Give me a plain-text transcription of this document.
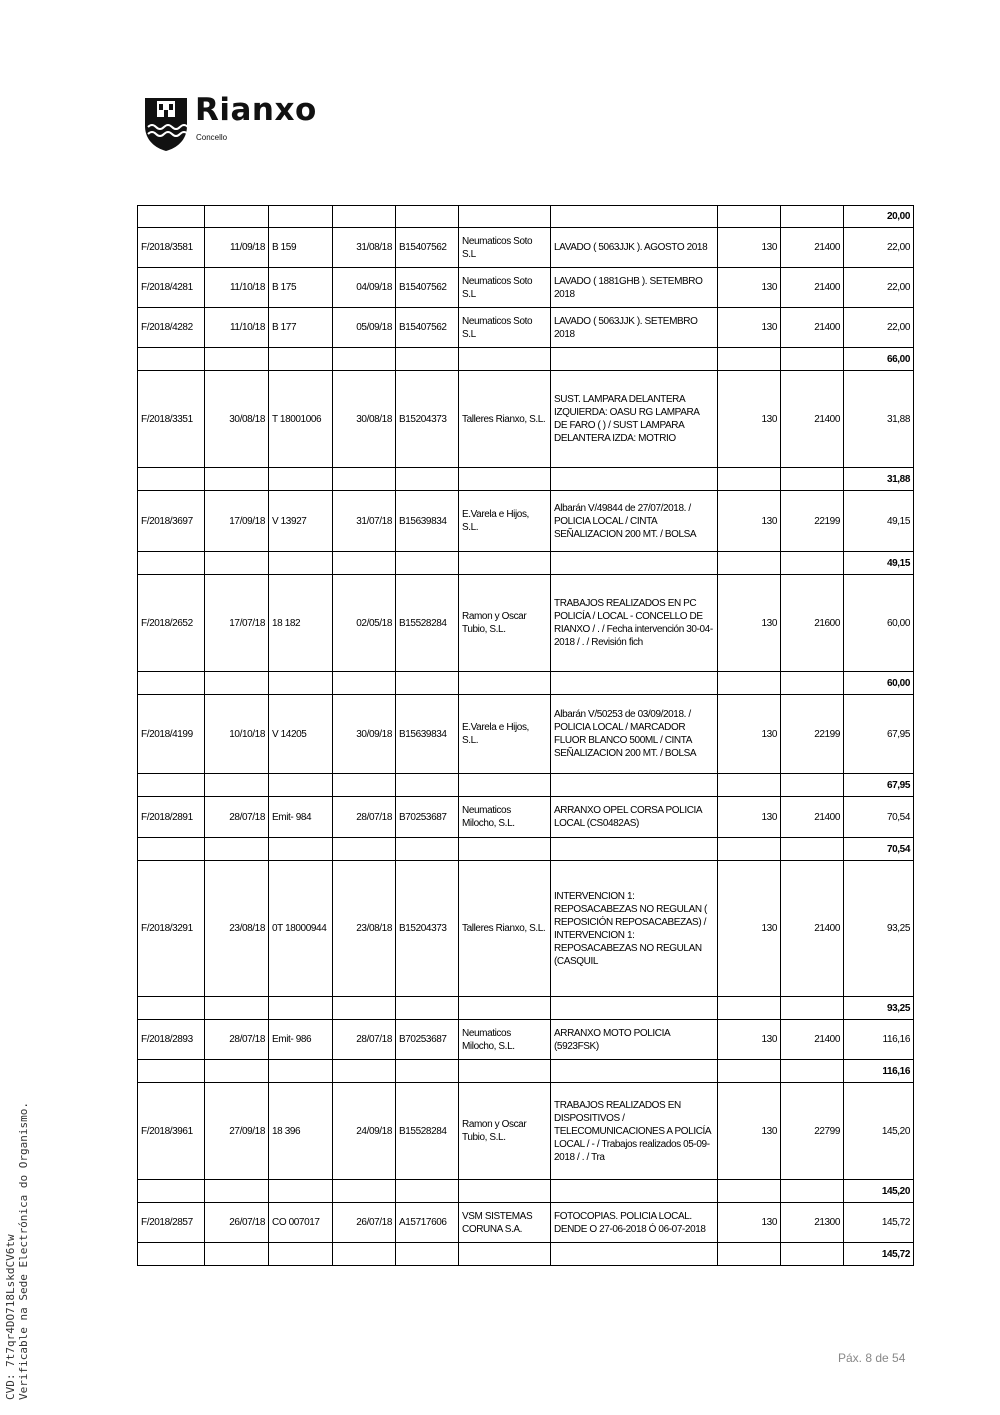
Rianxo
Concello
									20,00
F/2018/3581	11/09/18	B 159	31/08/18	B15407562	Neumaticos Soto S.L	LAVADO ( 5063JJK ). AGOSTO 2018	130	21400	22,00
F/2018/4281	11/10/18	B 175	04/09/18	B15407562	Neumaticos Soto S.L	LAVADO ( 1881GHB ). SETEMBRO 2018	130	21400	22,00
F/2018/4282	11/10/18	B 177	05/09/18	B15407562	Neumaticos Soto S.L	LAVADO ( 5063JJK ). SETEMBRO 2018	130	21400	22,00
									66,00
F/2018/3351	30/08/18	T 18001006	30/08/18	B15204373	Talleres Rianxo, S.L.	SUST. LAMPARA DELANTERA IZQUIERDA: OASU RG LAMPARA DE FARO ( ) / SUST LAMPARA DELANTERA IZDA: MOTRIO	130	21400	31,88
									31,88
F/2018/3697	17/09/18	V 13927	31/07/18	B15639834	E.Varela e Hijos, S.L.	Albarán V/49844 de 27/07/2018. / POLICIA LOCAL / CINTA SEÑALIZACION 200 MT. / BOLSA	130	22199	49,15
									49,15
F/2018/2652	17/07/18	18 182	02/05/18	B15528284	Ramon y Oscar Tubio, S.L.	TRABAJOS REALIZADOS EN PC POLICÍA / LOCAL - CONCELLO DE RIANXO / . / Fecha intervención 30-04-2018 / . / Revisión fich	130	21600	60,00
									60,00
F/2018/4199	10/10/18	V 14205	30/09/18	B15639834	E.Varela e Hijos, S.L.	Albarán V/50253 de 03/09/2018. / POLICIA LOCAL / MARCADOR FLUOR BLANCO 500ML / CINTA SEÑALIZACION 200 MT. / BOLSA	130	22199	67,95
									67,95
F/2018/2891	28/07/18	Emit- 984	28/07/18	B70253687	Neumaticos Milocho, S.L.	ARRANXO OPEL CORSA POLICIA LOCAL (CS0482AS)	130	21400	70,54
									70,54
F/2018/3291	23/08/18	0T 18000944	23/08/18	B15204373	Talleres Rianxo, S.L.	INTERVENCION 1: REPOSACABEZAS NO REGULAN ( REPOSICIÓN REPOSACABEZAS) / INTERVENCION 1: REPOSACABEZAS NO REGULAN (CASQUIL	130	21400	93,25
									93,25
F/2018/2893	28/07/18	Emit- 986	28/07/18	B70253687	Neumaticos Milocho, S.L.	ARRANXO MOTO POLICIA (5923FSK)	130	21400	116,16
									116,16
F/2018/3961	27/09/18	18 396	24/09/18	B15528284	Ramon y Oscar Tubio, S.L.	TRABAJOS REALIZADOS EN DISPOSITIVOS / TELECOMUNICACIONES A POLICÍA LOCAL / - / Trabajos realizados 05-09-2018 / . / Tra	130	22799	145,20
									145,20
F/2018/2857	26/07/18	CO 007017	26/07/18	A15717606	VSM SISTEMAS CORUNA S.A.	FOTOCOPIAS. POLICIA LOCAL. DENDE O 27-06-2018 Ó 06-07-2018	130	21300	145,72
									145,72
CVD: 7t7qr4DO718LskdCV6tw Verificable na Sede Electrónica do Organismo.	Páx. 8 de 54
